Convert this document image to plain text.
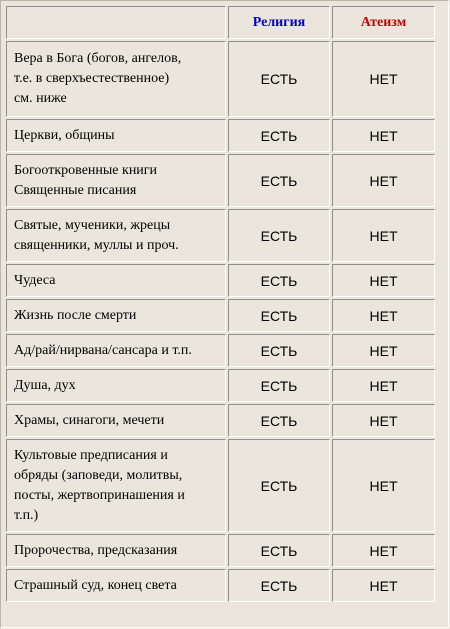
	Религия	Атеизм

Вера в Бога (богов, ангелов,
т.е. в сверхъестественное)
см. ниже	ЕСТЬ	НЕТ

Церкви, общины	ЕСТЬ	НЕТ

Богооткровенные книги
Священные писания	ЕСТЬ	НЕТ

Святые, мученики, жрецы
священники, муллы и проч.	ЕСТЬ	НЕТ

Чудеса	ЕСТЬ	НЕТ

Жизнь после смерти	ЕСТЬ	НЕТ

Ад/рай/нирвана/сансара и т.п.	ЕСТЬ	НЕТ

Душа, дух	ЕСТЬ	НЕТ

Храмы, синагоги, мечети	ЕСТЬ	НЕТ

Культовые предписания и
обряды (заповеди, молитвы,
посты, жертвопринашения и
т.п.)	ЕСТЬ	НЕТ

Пророчества, предсказания	ЕСТЬ	НЕТ

Страшный суд, конец света	ЕСТЬ	НЕТ
